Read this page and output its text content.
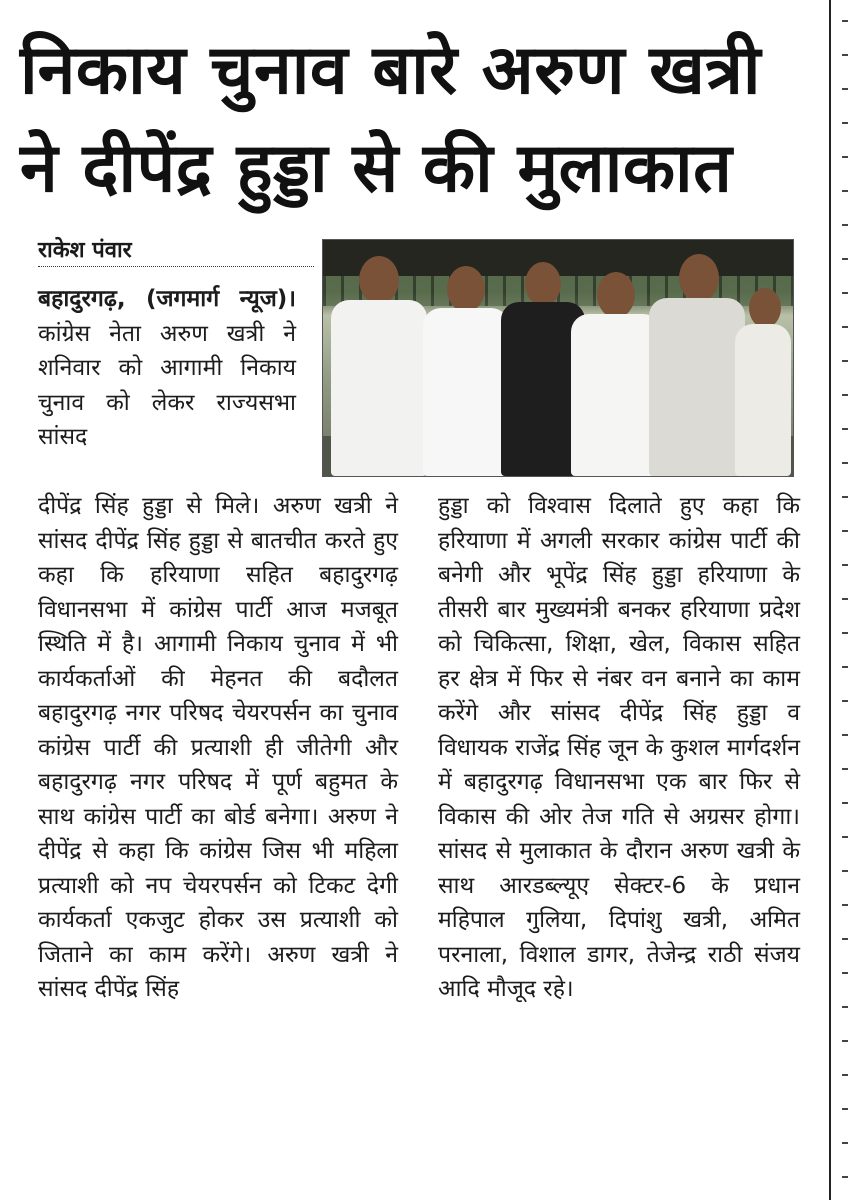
निकाय चुनाव बारे अरुण खत्री
ने दीपेंद्र हुड्डा से की मुलाकात
राकेश पंवार

बहादुरगढ़, (जगमार्ग न्यूज)। कांग्रेस नेता अरुण खत्री ने शनिवार को आगामी निकाय चुनाव को लेकर राज्यसभा सांसद

दीपेंद्र सिंह हुड्डा से मिले। अरुण खत्री ने सांसद दीपेंद्र सिंह हुड्डा से बातचीत करते हुए कहा कि हरियाणा सहित बहादुरगढ़ विधानसभा में कांग्रेस पार्टी आज मजबूत स्थिति में है। आगामी निकाय चुनाव में भी कार्यकर्ताओं की मेहनत की बदौलत बहादुरगढ़ नगर परिषद चेयरपर्सन का चुनाव कांग्रेस पार्टी की प्रत्याशी ही जीतेगी और बहादुरगढ़ नगर परिषद में पूर्ण बहुमत के साथ कांग्रेस पार्टी का बोर्ड बनेगा। अरुण ने दीपेंद्र से कहा कि कांग्रेस जिस भी महिला प्रत्याशी को नप चेयरपर्सन को टिकट देगी कार्यकर्ता एकजुट होकर उस प्रत्याशी को जिताने का काम करेंगे। अरुण खत्री ने सांसद दीपेंद्र सिंह

हुड्डा को विश्वास दिलाते हुए कहा कि हरियाणा में अगली सरकार कांग्रेस पार्टी की बनेगी और भूपेंद्र सिंह हुड्डा हरियाणा के तीसरी बार मुख्यमंत्री बनकर हरियाणा प्रदेश को चिकित्सा, शिक्षा, खेल, विकास सहित हर क्षेत्र में फिर से नंबर वन बनाने का काम करेंगे और सांसद दीपेंद्र सिंह हुड्डा व विधायक राजेंद्र सिंह जून के कुशल मार्गदर्शन में बहादुरगढ़ विधानसभा एक बार फिर से विकास की ओर तेज गति से अग्रसर होगा। सांसद से मुलाकात के दौरान अरुण खत्री के साथ आरडब्ल्यूए सेक्टर-6 के प्रधान महिपाल गुलिया, दिपांशु खत्री, अमित परनाला, विशाल डागर, तेजेन्द्र राठी संजय आदि मौजूद रहे।
